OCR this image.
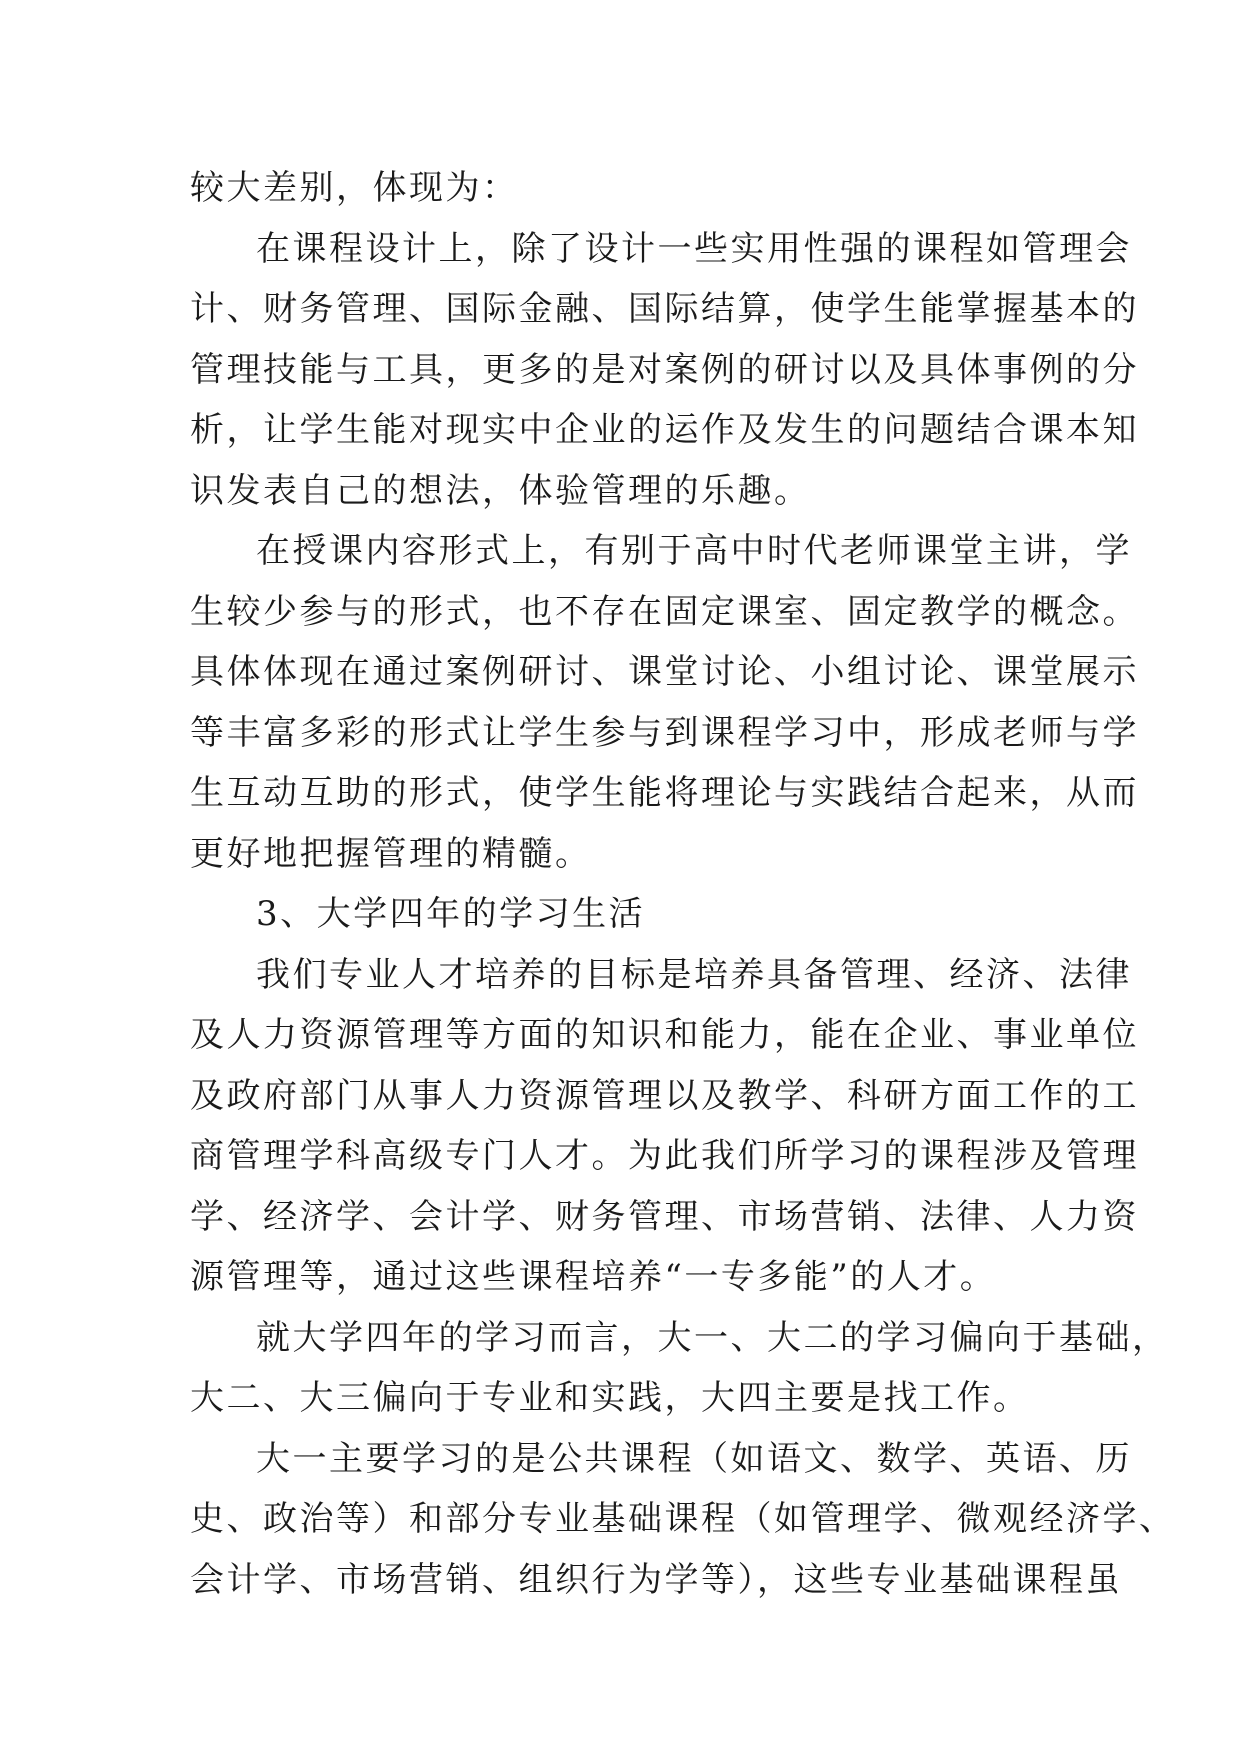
较大差别，体现为：
在课程设计上，除了设计一些实用性强的课程如管理会
计、财务管理、国际金融、国际结算，使学生能掌握基本的
管理技能与工具，更多的是对案例的研讨以及具体事例的分
析，让学生能对现实中企业的运作及发生的问题结合课本知
识发表自己的想法，体验管理的乐趣。
在授课内容形式上，有别于高中时代老师课堂主讲，学
生较少参与的形式，也不存在固定课室、固定教学的概念。
具体体现在通过案例研讨、课堂讨论、小组讨论、课堂展示
等丰富多彩的形式让学生参与到课程学习中，形成老师与学
生互动互助的形式，使学生能将理论与实践结合起来，从而
更好地把握管理的精髓。
3、大学四年的学习生活
我们专业人才培养的目标是培养具备管理、经济、法律
及人力资源管理等方面的知识和能力，能在企业、事业单位
及政府部门从事人力资源管理以及教学、科研方面工作的工
商管理学科高级专门人才。为此我们所学习的课程涉及管理
学、经济学、会计学、财务管理、市场营销、法律、人力资
源管理等，通过这些课程培养“一专多能”的人才。
就大学四年的学习而言，大一、大二的学习偏向于基础，
大二、大三偏向于专业和实践，大四主要是找工作。
大一主要学习的是公共课程（如语文、数学、英语、历
史、政治等）和部分专业基础课程（如管理学、微观经济学、
会计学、市场营销、组织行为学等），这些专业基础课程虽
